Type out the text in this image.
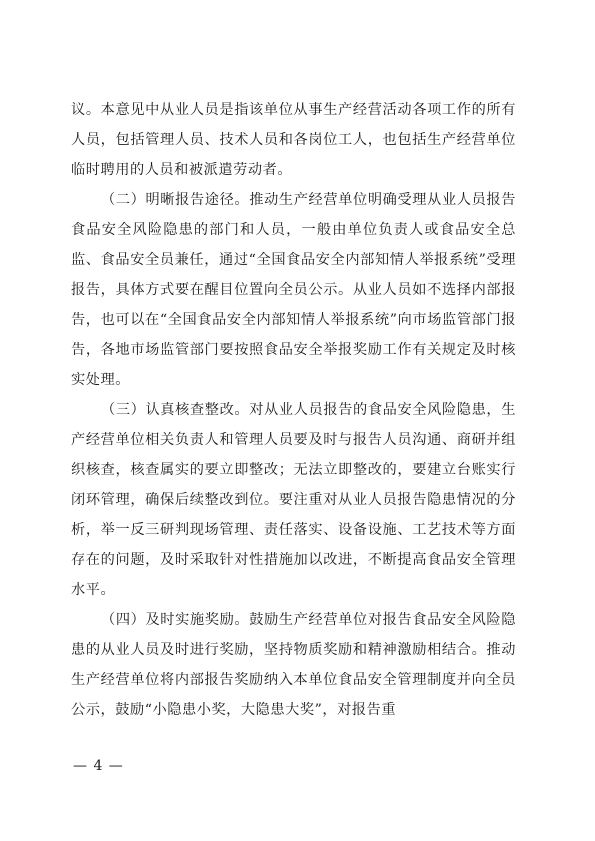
议。本意见中从业人员是指该单位从事生产经营活动各项工作的所有人员，包括管理人员、技术人员和各岗位工人，也包括生产经营单位临时聘用的人员和被派遣劳动者。

（二）明晰报告途径。推动生产经营单位明确受理从业人员报告食品安全风险隐患的部门和人员，一般由单位负责人或食品安全总监、食品安全员兼任，通过“全国食品安全内部知情人举报系统”受理报告，具体方式要在醒目位置向全员公示。从业人员如不选择内部报告，也可以在“全国食品安全内部知情人举报系统”向市场监管部门报告，各地市场监管部门要按照食品安全举报奖励工作有关规定及时核实处理。

（三）认真核查整改。对从业人员报告的食品安全风险隐患，生产经营单位相关负责人和管理人员要及时与报告人员沟通、商研并组织核查，核查属实的要立即整改；无法立即整改的，要建立台账实行闭环管理，确保后续整改到位。要注重对从业人员报告隐患情况的分析，举一反三研判现场管理、责任落实、设备设施、工艺技术等方面存在的问题，及时采取针对性措施加以改进，不断提高食品安全管理水平。

（四）及时实施奖励。鼓励生产经营单位对报告食品安全风险隐患的从业人员及时进行奖励，坚持物质奖励和精神激励相结合。推动生产经营单位将内部报告奖励纳入本单位食品安全管理制度并向全员公示，鼓励“小隐患小奖，大隐患大奖”，对报告重

— 4 —
